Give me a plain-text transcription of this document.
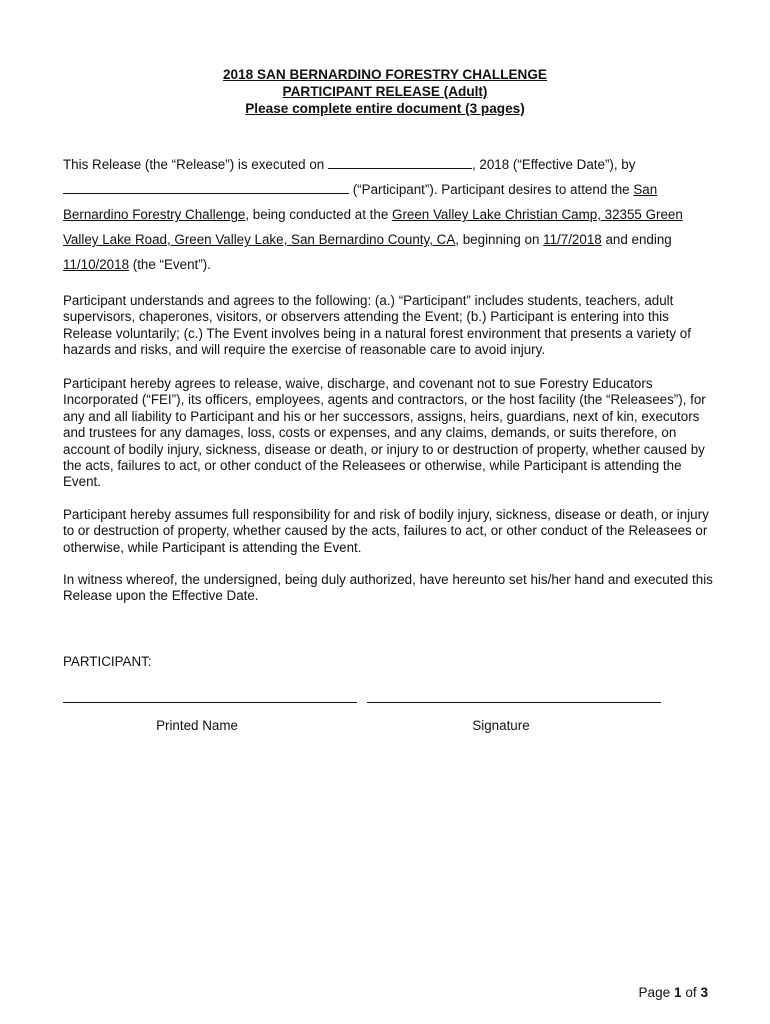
2018 SAN BERNARDINO FORESTRY CHALLENGE
PARTICIPANT RELEASE (Adult)
Please complete entire document (3 pages)
This Release (the “Release”) is executed on	, 2018 (“Effective Date”), by
(“Participant”). Participant desires to attend the San Bernardino Forestry Challenge, being conducted at the Green Valley Lake Christian Camp, 32355 Green Valley Lake Road, Green Valley Lake, San Bernardino County, CA, beginning on 11/7/2018 and ending 11/10/2018 (the “Event”).
Participant understands and agrees to the following: (a.) “Participant” includes students, teachers, adult supervisors, chaperones, visitors, or observers attending the Event; (b.) Participant is entering into this Release voluntarily; (c.) The Event involves being in a natural forest environment that presents a variety of hazards and risks, and will require the exercise of reasonable care to avoid injury.
Participant hereby agrees to release, waive, discharge, and covenant not to sue Forestry Educators Incorporated (“FEI”), its officers, employees, agents and contractors, or the host facility (the “Releasees”), for any and all liability to Participant and his or her successors, assigns, heirs, guardians, next of kin, executors and trustees for any damages, loss, costs or expenses, and any claims, demands, or suits therefore, on account of bodily injury, sickness, disease or death, or injury to or destruction of property, whether caused by the acts, failures to act, or other conduct of the Releasees or otherwise, while Participant is attending the Event.
Participant hereby assumes full responsibility for and risk of bodily injury, sickness, disease or death, or injury to or destruction of property, whether caused by the acts, failures to act, or other conduct of the Releasees or otherwise, while Participant is attending the Event.
In witness whereof, the undersigned, being duly authorized, have hereunto set his/her hand and executed this Release upon the Effective Date.
PARTICIPANT:
Printed Name	Signature
Page 1 of 3
